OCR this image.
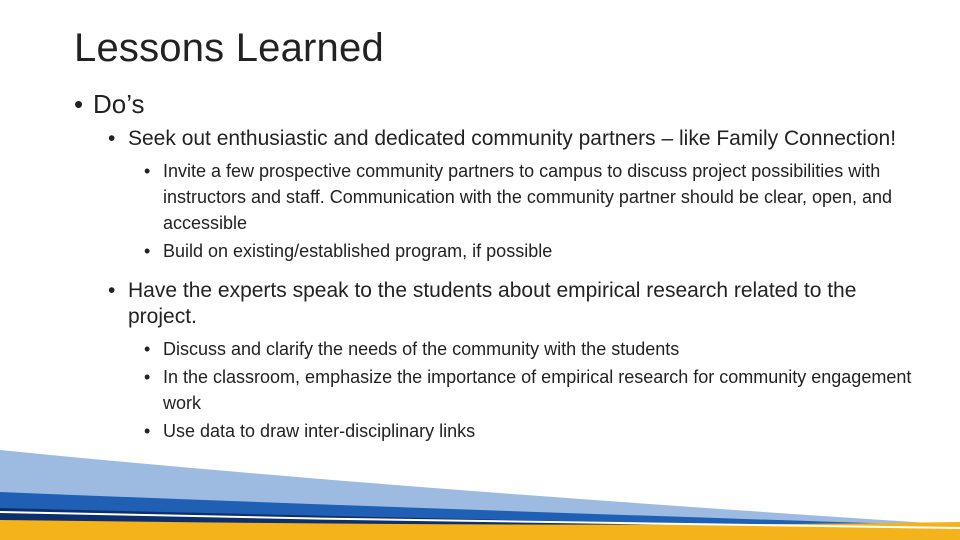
Lessons Learned
• Do’s
• Seek out enthusiastic and dedicated community partners – like Family Connection!
• Invite a few prospective community partners to campus to discuss project possibilities with instructors and staff. Communication with the community partner should be clear, open, and accessible
• Build on existing/established program, if possible
• Have the experts speak to the students about empirical research related to the project.
• Discuss and clarify the needs of the community with the students
• In the classroom, emphasize the importance of empirical research for community engagement work
• Use data to draw inter-disciplinary links
